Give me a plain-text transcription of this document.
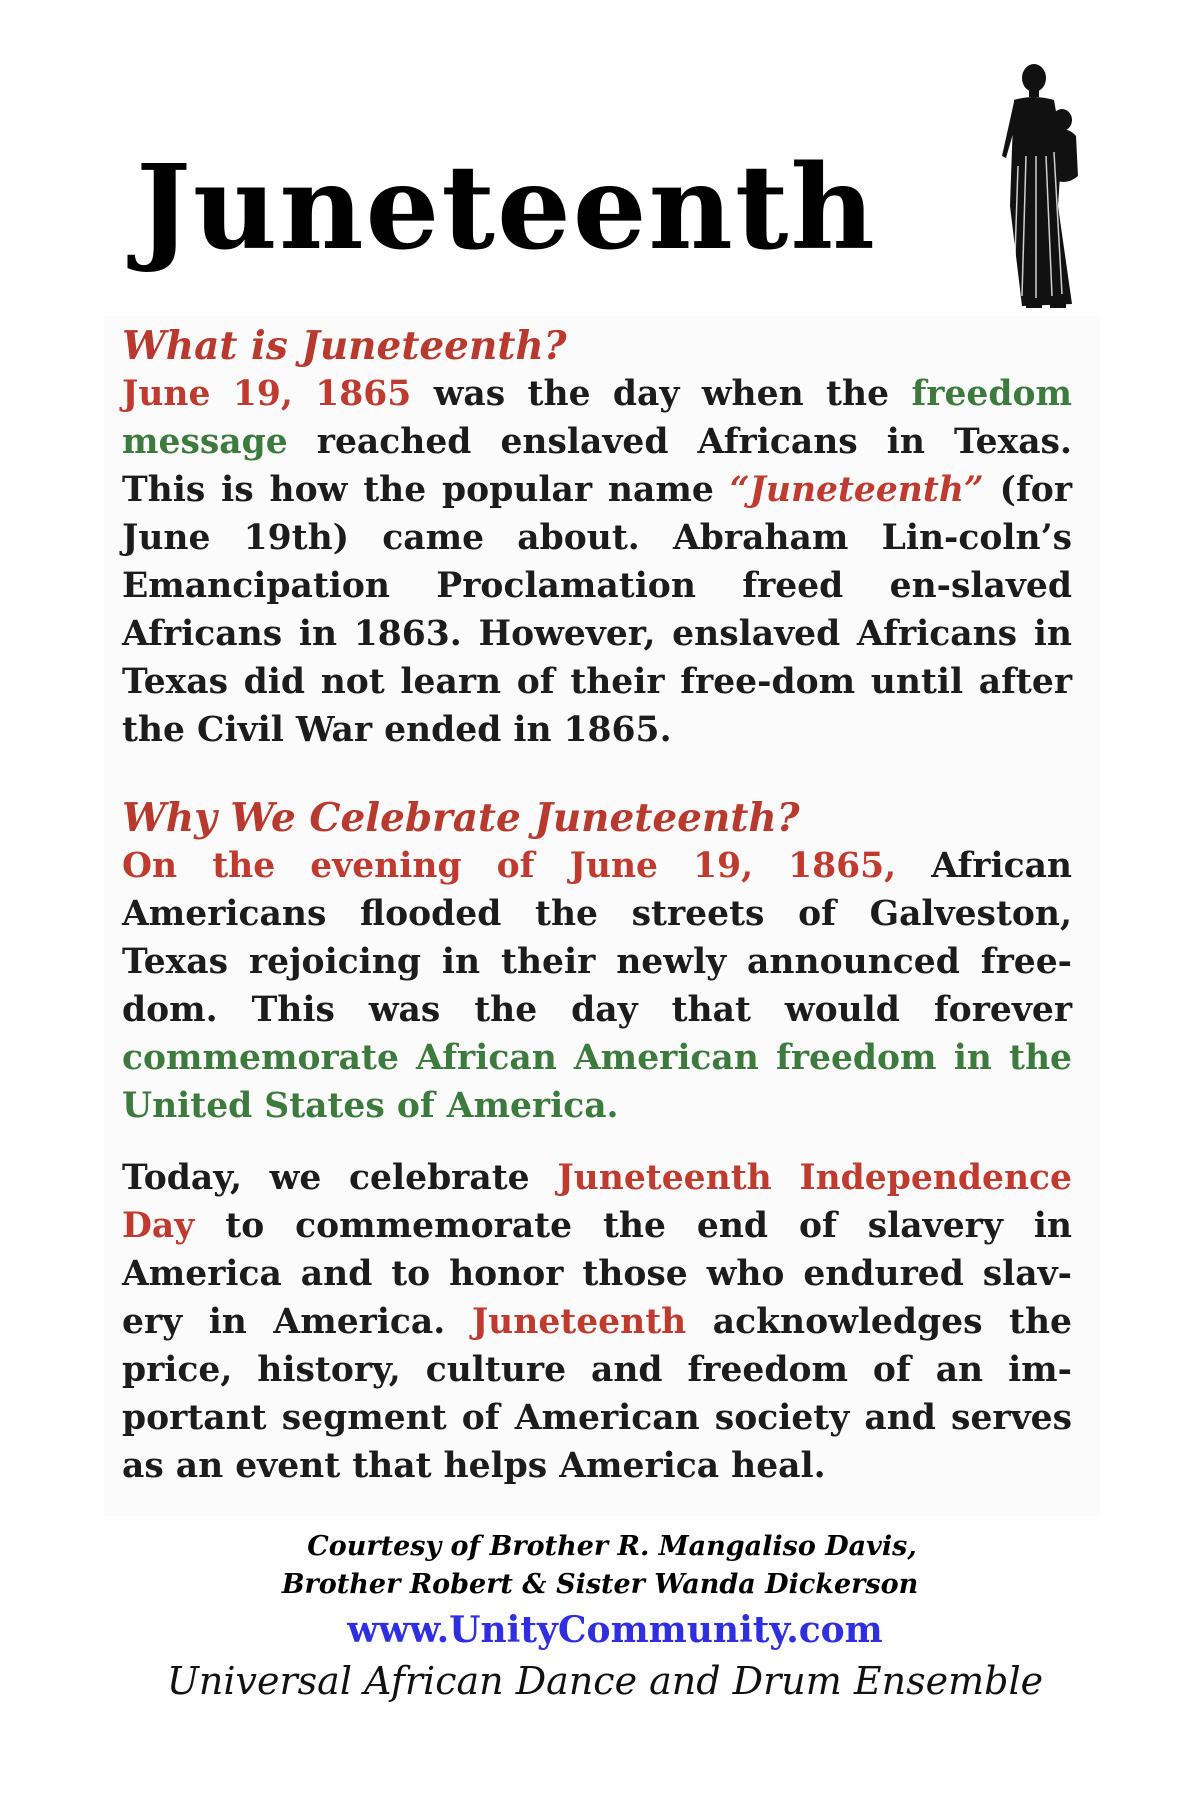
Juneteenth

What is Juneteenth?

June 19, 1865 was the day when the freedom message reached enslaved Africans in Texas. This is how the popular name “Juneteenth” (for June 19th) came about. Abraham Lin-coln’s Emancipation Proclamation freed en-slaved Africans in 1863. However, enslaved Africans in Texas did not learn of their free-dom until after the Civil War ended in 1865.

Why We Celebrate Juneteenth?

On the evening of June 19, 1865, African Americans flooded the streets of Galveston, Texas rejoicing in their newly announced free-dom. This was the day that would forever commemorate African American freedom in the United States of America.

Today, we celebrate Juneteenth Independence Day to commemorate the end of slavery in America and to honor those who endured slav-ery in America. Juneteenth acknowledges the price, history, culture and freedom of an im-portant segment of American society and serves as an event that helps America heal.

Courtesy of Brother R. Mangaliso Davis,

Brother Robert & Sister Wanda Dickerson

www.UnityCommunity.com

Universal African Dance and Drum Ensemble
